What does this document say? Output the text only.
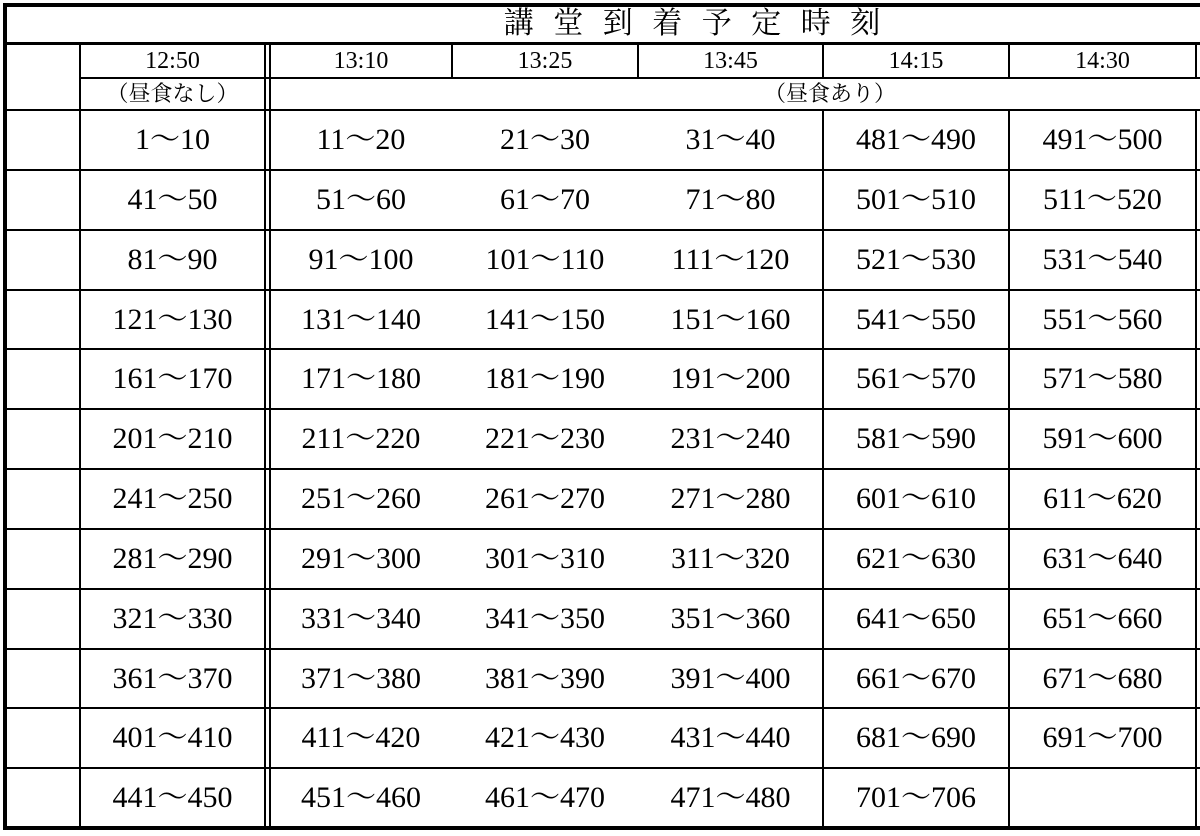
講 堂 到 着 予 定 時 刻
（昼食なし）	（昼食あり）
12:50	13:10	13:25	13:45	14:15	14:30
1～10	11～20	21～30	31～40	481～490	491～500
41～50	51～60	61～70	71～80	501～510	511～520
81～90	91～100	101～110	111～120	521～530	531～540
121～130	131～140	141～150	151～160	541～550	551～560
161～170	171～180	181～190	191～200	561～570	571～580
201～210	211～220	221～230	231～240	581～590	591～600
241～250	251～260	261～270	271～280	601～610	611～620
281～290	291～300	301～310	311～320	621～630	631～640
321～330	331～340	341～350	351～360	641～650	651～660
361～370	371～380	381～390	391～400	661～670	671～680
401～410	411～420	421～430	431～440	681～690	691～700
441～450	451～460	461～470	471～480	701～706
